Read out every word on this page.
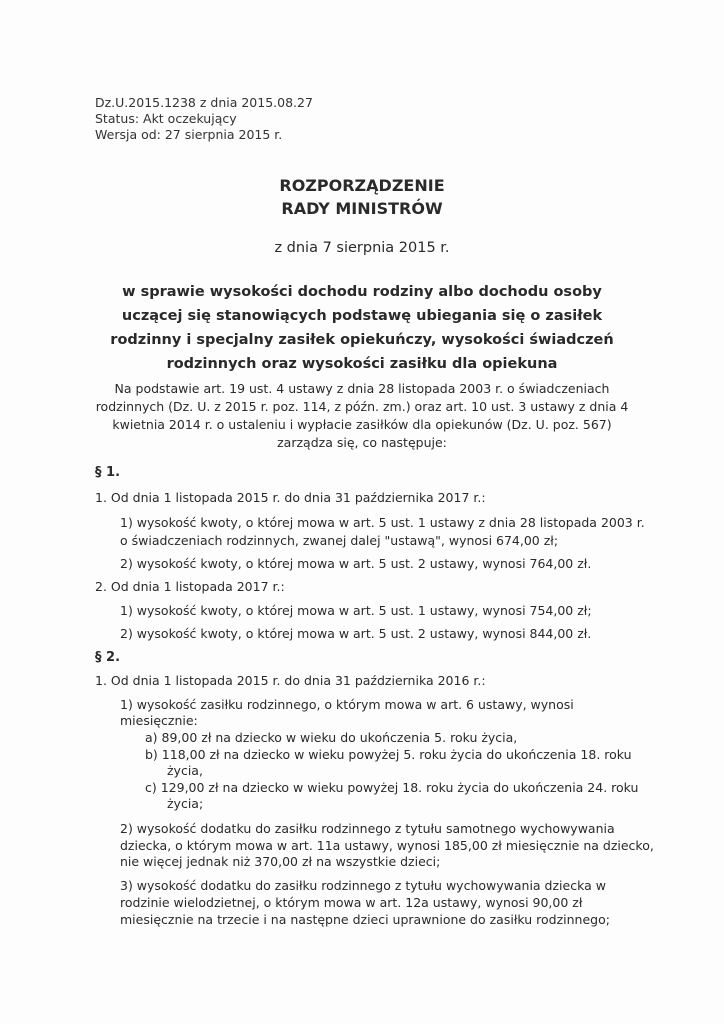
Dz.U.2015.1238 z dnia 2015.08.27
Status: Akt oczekujący
Wersja od: 27 sierpnia 2015 r.
ROZPORZĄDZENIE
RADY MINISTRÓW
z dnia 7 sierpnia 2015 r.
w sprawie wysokości dochodu rodziny albo dochodu osoby uczącej się stanowiących podstawę ubiegania się o zasiłek rodzinny i specjalny zasiłek opiekuńczy, wysokości świadczeń rodzinnych oraz wysokości zasiłku dla opiekuna
Na podstawie art. 19 ust. 4 ustawy z dnia 28 listopada 2003 r. o świadczeniach rodzinnych (Dz. U. z 2015 r. poz. 114, z późn. zm.) oraz art. 10 ust. 3 ustawy z dnia 4 kwietnia 2014 r. o ustaleniu i wypłacie zasiłków dla opiekunów (Dz. U. poz. 567) zarządza się, co następuje:
§ 1.
1. Od dnia 1 listopada 2015 r. do dnia 31 października 2017 r.:
1) wysokość kwoty, o której mowa w art. 5 ust. 1 ustawy z dnia 28 listopada 2003 r.
o świadczeniach rodzinnych, zwanej dalej "ustawą", wynosi 674,00 zł;
2) wysokość kwoty, o której mowa w art. 5 ust. 2 ustawy, wynosi 764,00 zł.
2. Od dnia 1 listopada 2017 r.:
1) wysokość kwoty, o której mowa w art. 5 ust. 1 ustawy, wynosi 754,00 zł;
2) wysokość kwoty, o której mowa w art. 5 ust. 2 ustawy, wynosi 844,00 zł.
§ 2.
1. Od dnia 1 listopada 2015 r. do dnia 31 października 2016 r.:
1) wysokość zasiłku rodzinnego, o którym mowa w art. 6 ustawy, wynosi
miesięcznie:
a) 89,00 zł na dziecko w wieku do ukończenia 5. roku życia,
b) 118,00 zł na dziecko w wieku powyżej 5. roku życia do ukończenia 18. roku
życia,
c) 129,00 zł na dziecko w wieku powyżej 18. roku życia do ukończenia 24. roku
życia;
2) wysokość dodatku do zasiłku rodzinnego z tytułu samotnego wychowywania
dziecka, o którym mowa w art. 11a ustawy, wynosi 185,00 zł miesięcznie na dziecko,
nie więcej jednak niż 370,00 zł na wszystkie dzieci;
3) wysokość dodatku do zasiłku rodzinnego z tytułu wychowywania dziecka w
rodzinie wielodzietnej, o którym mowa w art. 12a ustawy, wynosi 90,00 zł
miesięcznie na trzecie i na następne dzieci uprawnione do zasiłku rodzinnego;
